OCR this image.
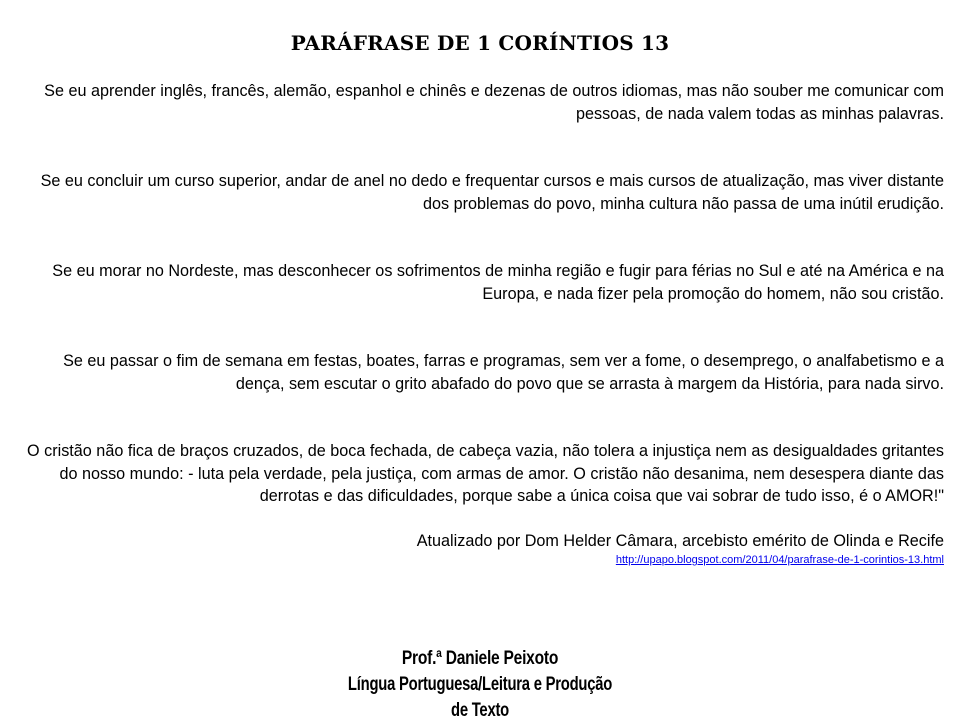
PARÁFRASE DE 1 CORÍNTIOS 13

Se eu aprender inglês, francês, alemão, espanhol e chinês e dezenas de outros idiomas, mas não souber me comunicar com pessoas, de nada valem todas as minhas palavras.

Se eu concluir um curso superior, andar de anel no dedo e frequentar cursos e mais cursos de atualização, mas viver distante dos problemas do povo, minha cultura não passa de uma inútil erudição.

Se eu morar no Nordeste, mas desconhecer os sofrimentos de minha região e fugir para férias no Sul e até na América e na Europa, e nada fizer pela promoção do homem, não sou cristão.

Se eu passar o fim de semana em festas, boates, farras e programas, sem ver a fome, o desemprego, o analfabetismo e a dença, sem escutar o grito abafado do povo que se arrasta à margem da História, para nada sirvo.

O cristão não fica de braços cruzados, de boca fechada, de cabeça vazia, não tolera a injustiça nem as desigualdades gritantes do nosso mundo: - luta pela verdade, pela justiça, com armas de amor. O cristão não desanima, nem desespera diante das derrotas e das dificuldades, porque sabe a única coisa que vai sobrar de tudo isso, é o AMOR!"

Atualizado por Dom Helder Câmara, arcebisto emérito de Olinda e Recife

http://upapo.blogspot.com/2011/04/parafrase-de-1-corintios-13.html
Prof.ª Daniele Peixoto
Língua Portuguesa/Leitura e Produção de Texto
